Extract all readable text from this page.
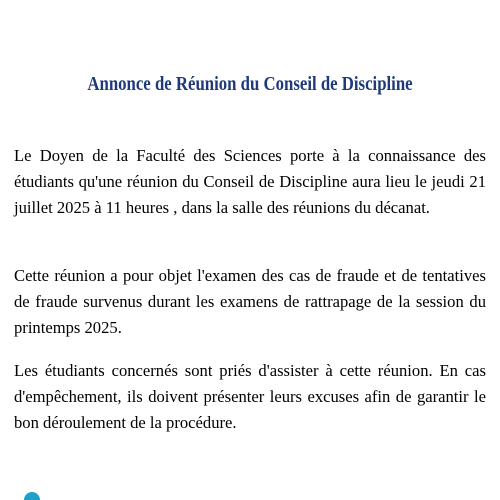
Annonce de Réunion du Conseil de Discipline

Le Doyen de la Faculté des Sciences porte à la connaissance des étudiants qu'une réunion du Conseil de Discipline aura lieu le jeudi 21 juillet 2025 à 11 heures , dans la salle des réunions du décanat.

Cette réunion a pour objet l'examen des cas de fraude et de tentatives de fraude survenus durant les examens de rattrapage de la session du printemps 2025.

Les étudiants concernés sont priés d'assister à cette réunion. En cas d'empêchement, ils doivent présenter leurs excuses afin de garantir le bon déroulement de la procédure.
